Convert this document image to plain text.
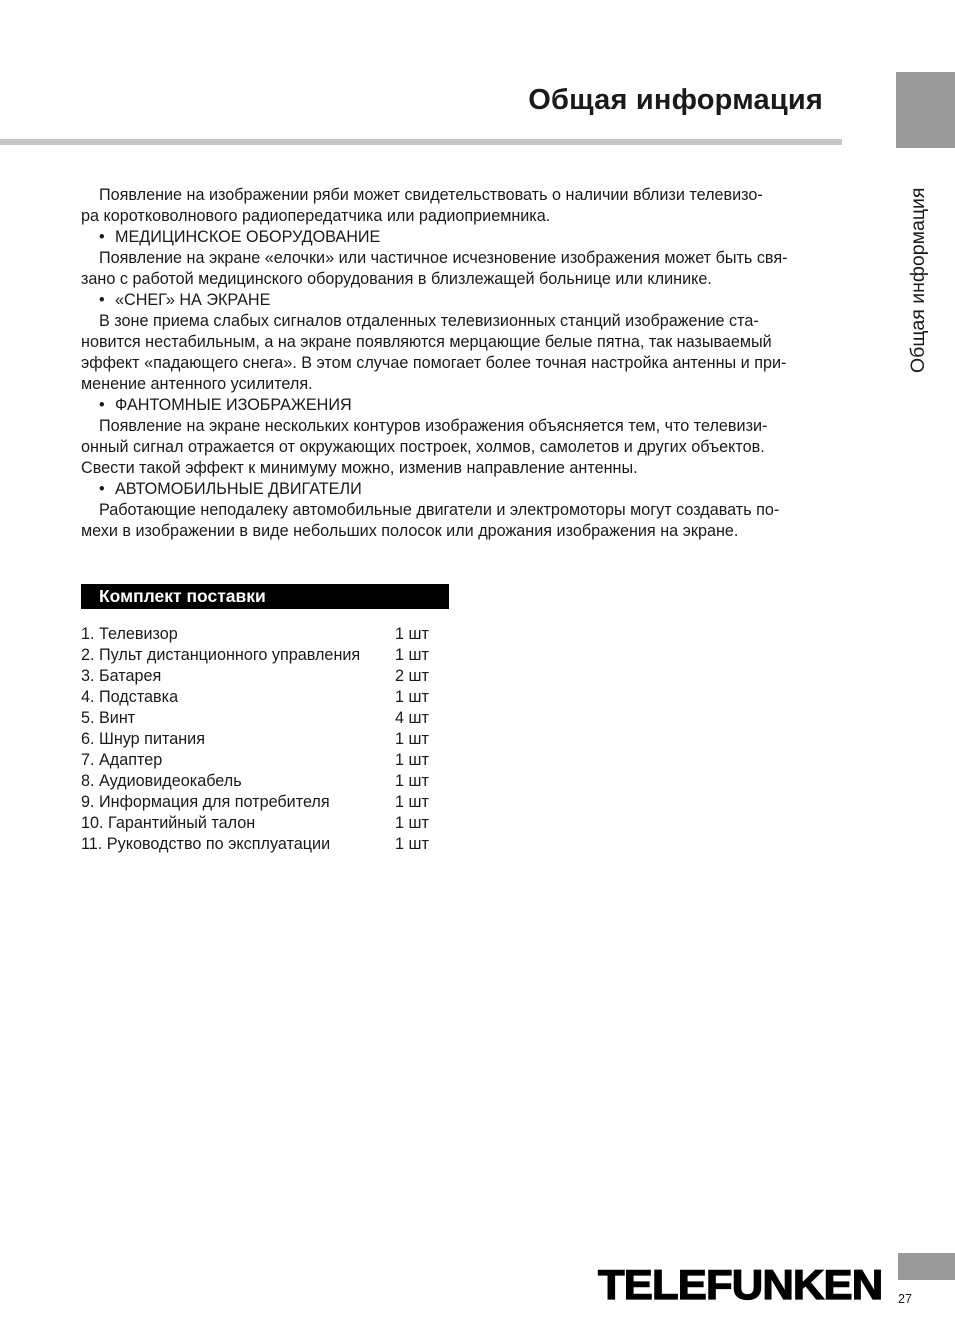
Общая информация
Общая информация
Появление на изображении ряби может свидетельствовать о наличии вблизи телевизо-
ра коротковолнового радиопередатчика или радиоприемника.
• МЕДИЦИНСКОЕ ОБОРУДОВАНИЕ
Появление на экране «елочки» или частичное исчезновение изображения может быть свя-
зано с работой медицинского оборудования в близлежащей больнице или клинике.
• «СНЕГ» НА ЭКРАНЕ
В зоне приема слабых сигналов отдаленных телевизионных станций изображение ста-
новится нестабильным, а на экране появляются мерцающие белые пятна, так называемый
эффект «падающего снега». В этом случае помогает более точная настройка антенны и при-
менение антенного усилителя.
• ФАНТОМНЫЕ ИЗОБРАЖЕНИЯ
Появление на экране нескольких контуров изображения объясняется тем, что телевизи-
онный сигнал отражается от окружающих построек, холмов, самолетов и других объектов.
Свести такой эффект к минимуму можно, изменив направление антенны.
• АВТОМОБИЛЬНЫЕ ДВИГАТЕЛИ
Работающие неподалеку автомобильные двигатели и электромоторы могут создавать по-
мехи в изображении в виде небольших полосок или дрожания изображения на экране.
Комплект поставки
1. Телевизор	1 шт
2. Пульт дистанционного управления 1 шт
3. Батарея	2 шт
4. Подставка	1 шт
5. Винт	4 шт
6. Шнур питания	1 шт
7. Адаптер	1 шт
8. Аудиовидеокабель	1 шт
9. Информация для потребителя	1 шт
10. Гарантийный талон	1 шт
11. Руководство по эксплуатации	1 шт
TELEFUNKEN 27
